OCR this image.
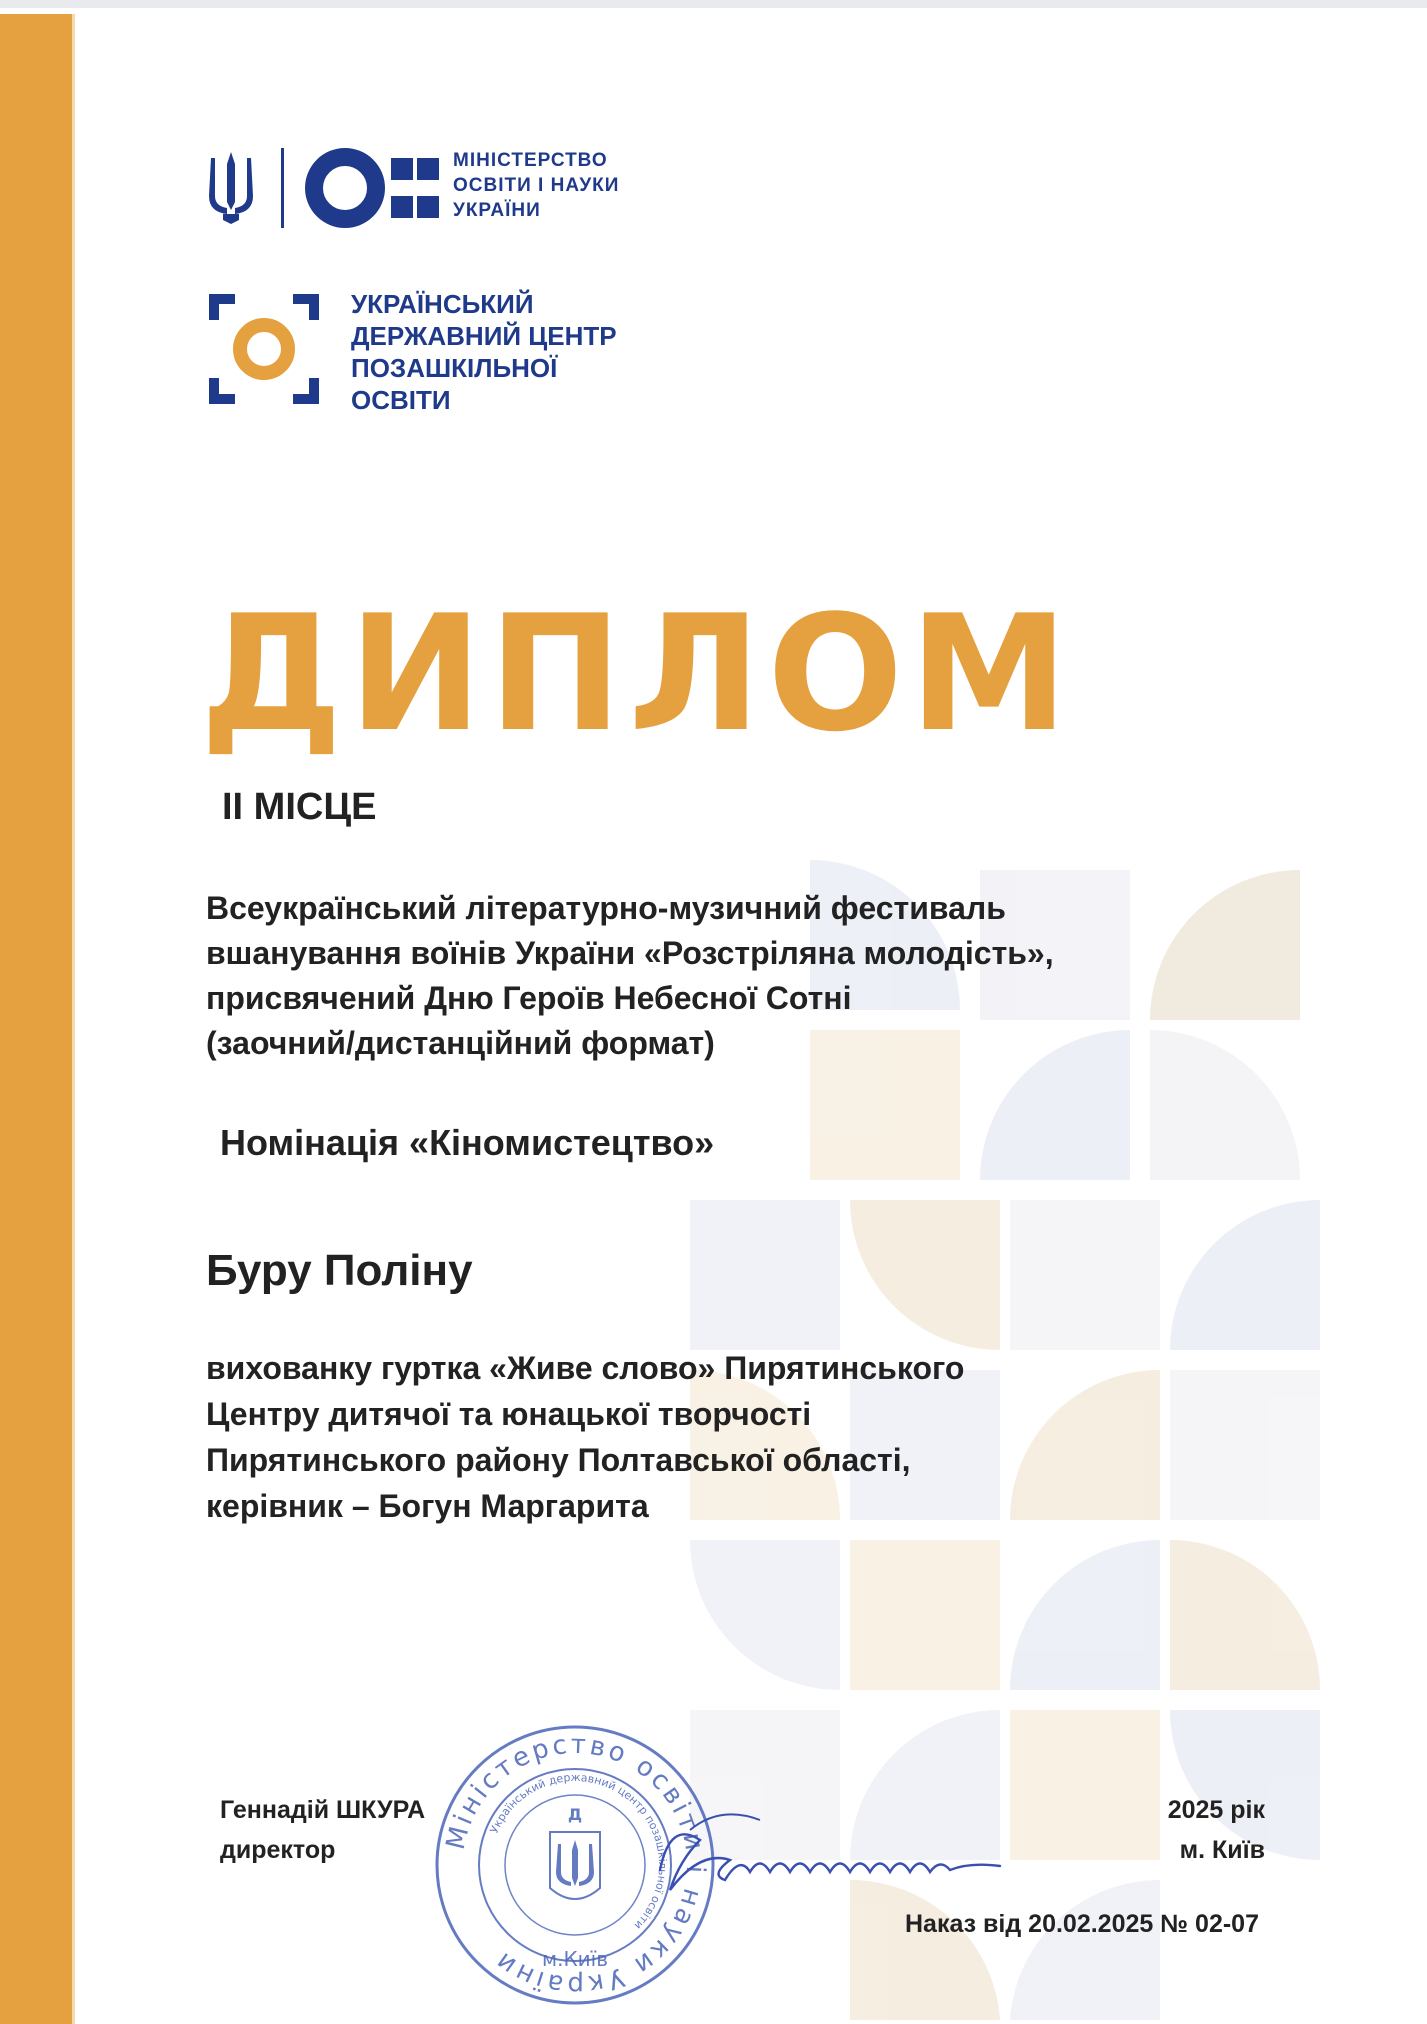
МІНІСТЕРСТВО
ОСВІТИ І НАУКИ
УКРАЇНИ
УКРАЇНСЬКИЙ
ДЕРЖАВНИЙ ЦЕНТР
ПОЗАШКІЛЬНОЇ
ОСВІТИ
ДИПЛОМ
II МІСЦЕ
Всеукраїнський літературно-музичний фестиваль
вшанування воїнів України «Розстріляна молодість»,
присвячений Дню Героїв Небесної Сотні
(заочний/дистанційний формат)
Номінація «Кіномистецтво»
Буру Поліну
вихованку гуртка «Живе слово» Пирятинського
Центру дитячої та юнацької творчості
Пирятинського району Полтавської області,
керівник – Богун Маргарита
Міністерство освіти і науки України
Український державний центр позашкільної освіти
м.Київ
Д
Геннадій ШКУРА
директор
2025 рік
м. Київ
Наказ від 20.02.2025 № 02-07
